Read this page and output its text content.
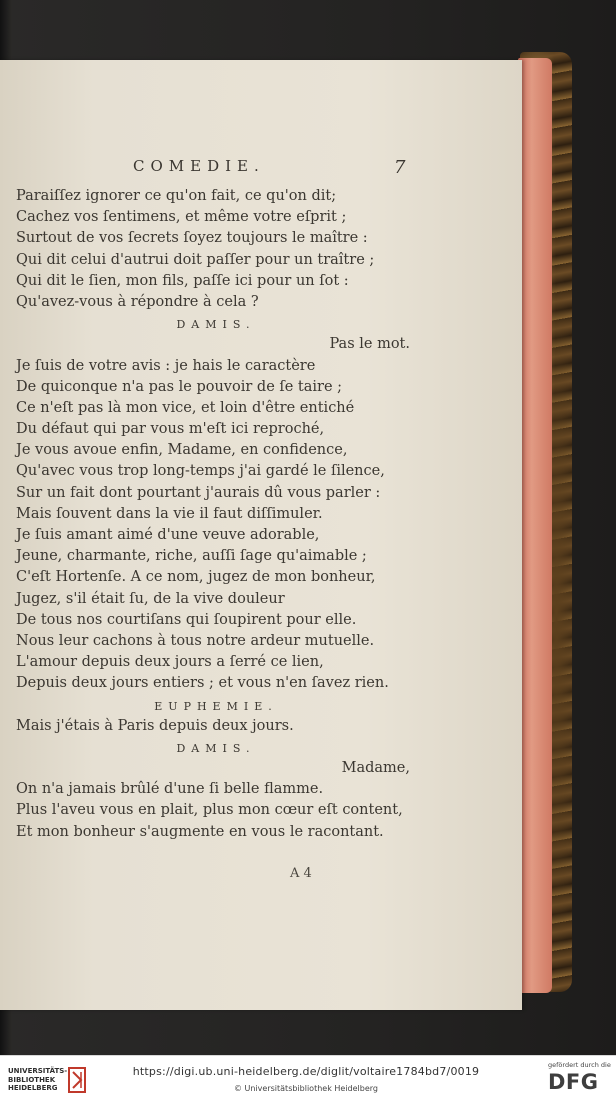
COMEDIE.	7
Paraiſſez ignorer ce qu'on fait, ce qu'on dit;
Cachez vos ſentimens, et même votre eſprit ;
Surtout de vos ſecrets ſoyez toujours le maître :
Qui dit celui d'autrui doit paſſer pour un traître ;
Qui dit le ſien, mon fils, paſſe ici pour un ſot :
Qu'avez-vous à répondre à cela ?
DAMIS.
Pas le mot.
Je ſuis de votre avis : je hais le caractère
De quiconque n'a pas le pouvoir de ſe taire ;
Ce n'eſt pas là mon vice, et loin d'être entiché
Du défaut qui par vous m'eſt ici reproché,
Je vous avoue enfin, Madame, en confidence,
Qu'avec vous trop long-temps j'ai gardé le ſilence,
Sur un fait dont pourtant j'aurais dû vous parler :
Mais ſouvent dans la vie il faut diſſimuler.
Je ſuis amant aimé d'une veuve adorable,
Jeune, charmante, riche, auſſi ſage qu'aimable ;
C'eſt Hortenſe. A ce nom, jugez de mon bonheur,
Jugez, s'il était ſu, de la vive douleur
De tous nos courtiſans qui ſoupirent pour elle.
Nous leur cachons à tous notre ardeur mutuelle.
L'amour depuis deux jours a ſerré ce lien,
Depuis deux jours entiers ; et vous n'en ſavez rien.
EUPHEMIE.
Mais j'étais à Paris depuis deux jours.
DAMIS.
Madame,
On n'a jamais brûlé d'une ſi belle flamme.
Plus l'aveu vous en plait, plus mon cœur eſt content,
Et mon bonheur s'augmente en vous le racontant.
A 4
UNIVERSITÄTS-
BIBLIOTHEK
HEIDELBERG
https://digi.ub.uni-heidelberg.de/diglit/voltaire1784bd7/0019
© Universitätsbibliothek Heidelberg
gefördert durch die
DFG
